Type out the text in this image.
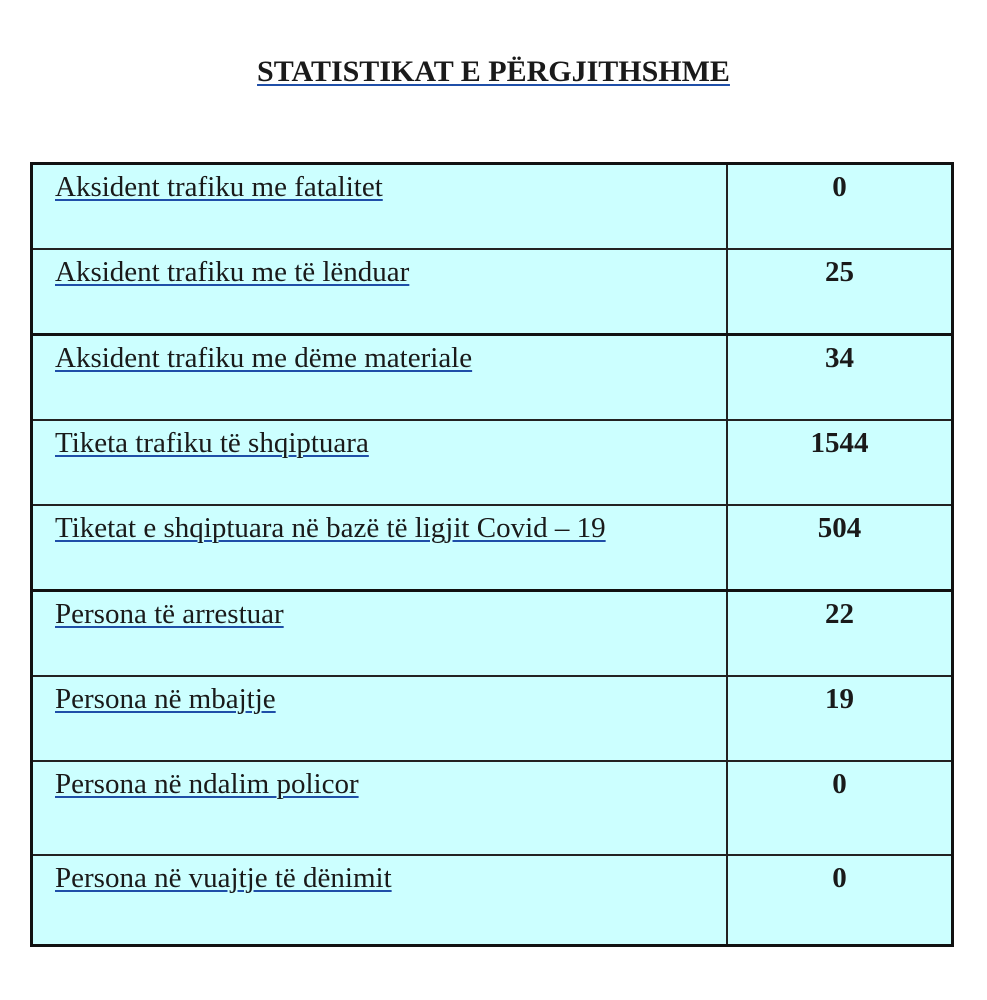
STATISTIKAT E PËRGJITHSHME
Aksident trafiku me fatalitet	0
Aksident trafiku me të lënduar	25
Aksident trafiku me dëme materiale	34
Tiketa trafiku të shqiptuara	1544
Tiketat e shqiptuara në bazë të ligjit Covid – 19	504
Persona të arrestuar	22
Persona në mbajtje	19
Persona në ndalim policor	0
Persona në vuajtje të dënimit	0
